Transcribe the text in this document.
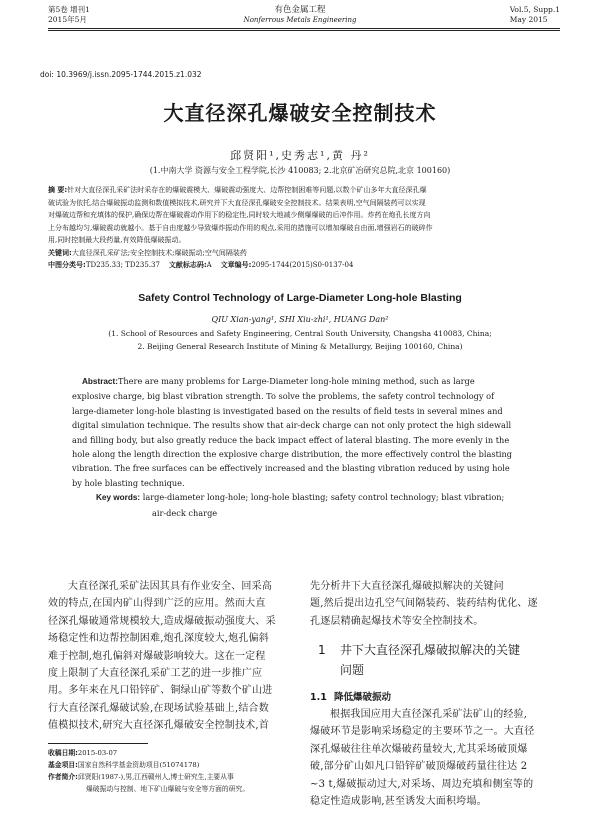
第5卷 增刊1
2015年5月
有色金属工程
Nonferrous Metals Engineering
Vol.5, Supp.1
May 2015
doi: 10.3969/j.issn.2095-1744.2015.z1.032
大直径深孔爆破安全控制技术
邱贤阳¹,史秀志¹,黄 丹²
(1.中南大学 资源与安全工程学院,长沙 410083; 2.北京矿冶研究总院,北京 100160)
摘 要:针对大直径深孔采矿法时采存在的爆破震模大、爆破震动强度大、边帮控制困难等问题,以数个矿山多年大直径深孔爆
破试验为依托,结合爆破振动监测和数值模拟技术,研究并下大直径深孔爆破安全控制技术。结果表明,空气间隔装药可以实现
对爆破边帮和充填体的保护,确保边帮在爆破震动作用下的稳定性,同时较大地减少侧爆爆破的后冲作用。炸药在炮孔长度方向
上分布越均匀,爆破震动就越小。基于自由度越少导致爆炸振动作用的观点,采用的措施可以增加爆破自由面,增强岩石的破碎作
用,同时控制最大段药量,有效降低爆破振动。
关键词:大直径深孔采矿法;安全控制技术;爆破振动;空气间隔装药
中图分类号:TD235.33; TD235.37 文献标志码:A 文章编号:2095-1744(2015)S0-0137-04
Safety Control Technology of Large-Diameter Long-hole Blasting
QIU Xian-yang¹, SHI Xiu-zhi¹, HUANG Dan²
(1. School of Resources and Safety Engineering, Central South University, Changsha 410083, China;
2. Beijing General Research Institute of Mining & Metallurgy, Beijing 100160, China)
Abstract:There are many problems for Large-Diameter long-hole mining method, such as large
explosive charge, big blast vibration strength. To solve the problems, the safety control technology of
large-diameter long-hole blasting is investigated based on the results of field tests in several mines and
digital simulation technique. The results show that air-deck charge can not only protect the high sidewall
and filling body, but also greatly reduce the back impact effect of lateral blasting. The more evenly in the
hole along the length direction the explosive charge distribution, the more effectively control the blasting
vibration. The free surfaces can be effectively increased and the blasting vibration reduced by using hole
by hole blasting technique.
Key words: large-diameter long-hole; long-hole blasting; safety control technology; blast vibration;
air-deck charge
大直径深孔采矿法因其具有作业安全、回采高
效的特点,在国内矿山得到广泛的应用。然而大直
径深孔爆破通常规模较大,造成爆破振动强度大、采
场稳定性和边帮控制困难,炮孔深度较大,炮孔偏斜
难于控制,炮孔偏斜对爆破影响较大。这在一定程
度上限制了大直径深孔采矿工艺的进一步推广应
用。多年来在凡口铅锌矿、铜绿山矿等数个矿山进
行大直径深孔爆破试验,在现场试验基础上,结合数
值模拟技术,研究大直径深孔爆破安全控制技术,首
收稿日期:2015-03-07
基金项目:国家自然科学基金资助项目(51074178)
作者简介:邱贤阳(1987-),男,江西赣州人,博士研究生,主要从事
爆破振动与控制、地下矿山爆破与安全等方面的研究。
先分析井下大直径深孔爆破拟解决的关键问
题,然后提出边孔空气间隔装药、装药结构优化、逐
孔逐层精确起爆技术等安全控制技术。
1 井下大直径深孔爆破拟解决的关键
问题
1.1 降低爆破振动
根据我国应用大直径深孔采矿法矿山的经验,
爆破环节是影响采场稳定的主要环节之一。大直径
深孔爆破往往单次爆破药量较大,尤其采场破顶爆
破,部分矿山如凡口铅锌矿破顶爆破药量往往达 2
~3 t,爆破振动过大,对采场、周边充填和侧室等的
稳定性造成影响,甚至诱发大面积垮塌。
